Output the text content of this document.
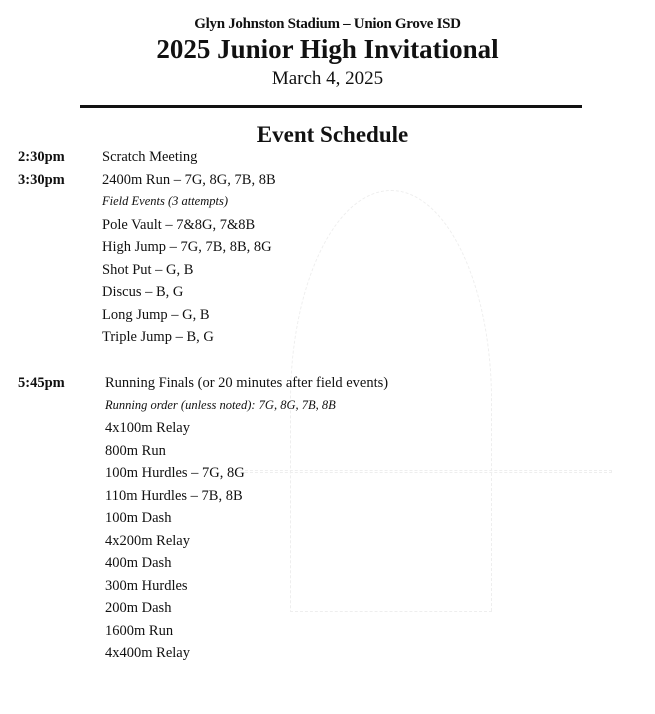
Glyn Johnston Stadium – Union Grove ISD
2025 Junior High Invitational
March 4, 2025
Event Schedule
2:30pm	Scratch Meeting
3:30pm	2400m Run – 7G, 8G, 7B, 8B
Field Events (3 attempts)
Pole Vault – 7&8G, 7&8B
High Jump – 7G, 7B, 8B, 8G
Shot Put – G, B
Discus – B, G
Long Jump – G, B
Triple Jump – B, G
5:45pm	Running Finals (or 20 minutes after field events)
Running order (unless noted): 7G, 8G, 7B, 8B
4x100m Relay
800m Run
100m Hurdles – 7G, 8G
110m Hurdles – 7B, 8B
100m Dash
4x200m Relay
400m Dash
300m Hurdles
200m Dash
1600m Run
4x400m Relay
